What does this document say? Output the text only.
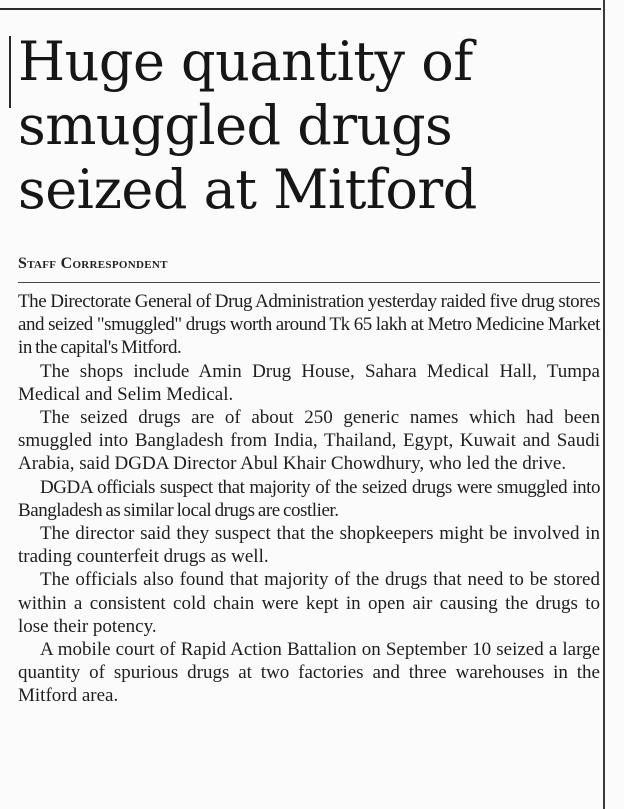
Huge quantity of
smuggled drugs
seized at Mitford
Staff Correspondent

The Directorate General of Drug Administration yesterday raided five drug stores and seized "smuggled" drugs worth around Tk 65 lakh at Metro Medicine Market in the capital's Mitford.

The shops include Amin Drug House, Sahara Medical Hall, Tumpa Medical and Selim Medical.

The seized drugs are of about 250 generic names which had been smuggled into Bangladesh from India, Thailand, Egypt, Kuwait and Saudi Arabia, said DGDA Director Abul Khair Chowdhury, who led the drive.

DGDA officials suspect that majority of the seized drugs were smuggled into Bangladesh as similar local drugs are costlier.

The director said they suspect that the shopkeepers might be involved in trading counterfeit drugs as well.

The officials also found that majority of the drugs that need to be stored within a consistent cold chain were kept in open air causing the drugs to lose their potency.

A mobile court of Rapid Action Battalion on September 10 seized a large quantity of spurious drugs at two factories and three warehouses in the Mitford area.
